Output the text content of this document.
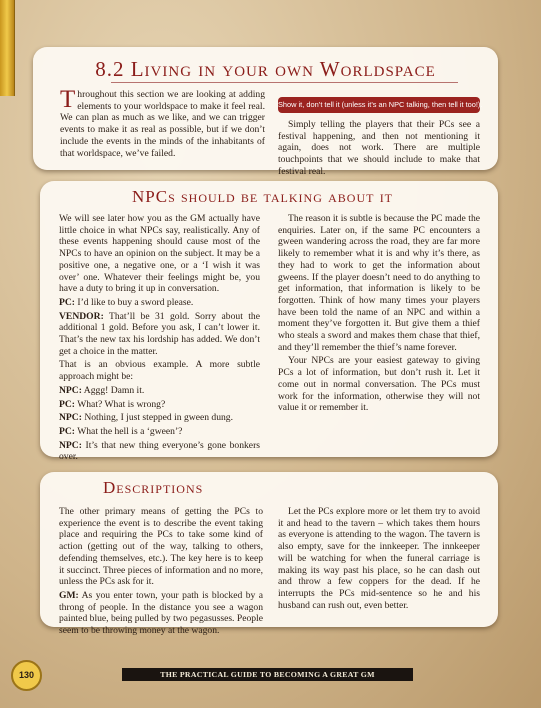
8.2 Living in your own Worldspace

Throughout this section we are looking at adding elements to your worldspace to make it feel real. We can plan as much as we like, and we can trigger events to make it as real as possible, but if we don’t include the events in the minds of the inhabitants of that worldspace, we’ve failed.

Show it, don’t tell it (unless it’s an NPC talking, then tell it too!).

Simply telling the players that their PCs see a festival happening, and then not mentioning it again, does not work. There are multiple touchpoints that we should include to make that festival real.

NPCs should be talking about it

We will see later how you as the GM actually have little choice in what NPCs say, realistically. Any of these events happening should cause most of the NPCs to have an opinion on the subject. It may be a positive one, a negative one, or a ‘I wish it was over’ one. Whatever their feelings might be, you have a duty to bring it up in conversation.

PC: I’d like to buy a sword please.

VENDOR: That’ll be 31 gold. Sorry about the additional 1 gold. Before you ask, I can’t lower it. That’s the new tax his lordship has added. We don’t get a choice in the matter.

That is an obvious example. A more subtle approach might be:

NPC: Aggg! Damn it.

PC: What? What is wrong?

NPC: Nothing, I just stepped in gween dung.

PC: What the hell is a ‘gween’?

NPC: It’s that new thing everyone’s gone bonkers over.

The reason it is subtle is because the PC made the enquiries. Later on, if the same PC encounters a gween wandering across the road, they are far more likely to remember what it is and why it’s there, as they had to work to get the information about gweens. If the player doesn’t need to do anything to get information, that information is likely to be forgotten. Think of how many times your players have been told the name of an NPC and within a moment they’ve forgotten it. But give them a thief who steals a sword and makes them chase that thief, and they’ll remember the thief’s name forever.

Your NPCs are your easiest gateway to giving PCs a lot of information, but don’t rush it. Let it come out in normal conversation. The PCs must work for the information, otherwise they will not value it or remember it.

Descriptions

The other primary means of getting the PCs to experience the event is to describe the event taking place and requiring the PCs to take some kind of action (getting out of the way, talking to others, defending themselves, etc.). The key here is to keep it succinct. Three pieces of information and no more, unless the PCs ask for it.

GM: As you enter town, your path is blocked by a throng of people. In the distance you see a wagon painted blue, being pulled by two pegasusses. People seem to be throwing money at the wagon.

Let the PCs explore more or let them try to avoid it and head to the tavern – which takes them hours as everyone is attending to the wagon. The tavern is also empty, save for the innkeeper. The innkeeper will be watching for when the funeral carriage is making its way past his place, so he can dash out and throw a few coppers for the dead. If he interrupts the PCs mid-sentence so he and his husband can rush out, even better.

130	THE PRACTICAL GUIDE TO BECOMING A GREAT GM
